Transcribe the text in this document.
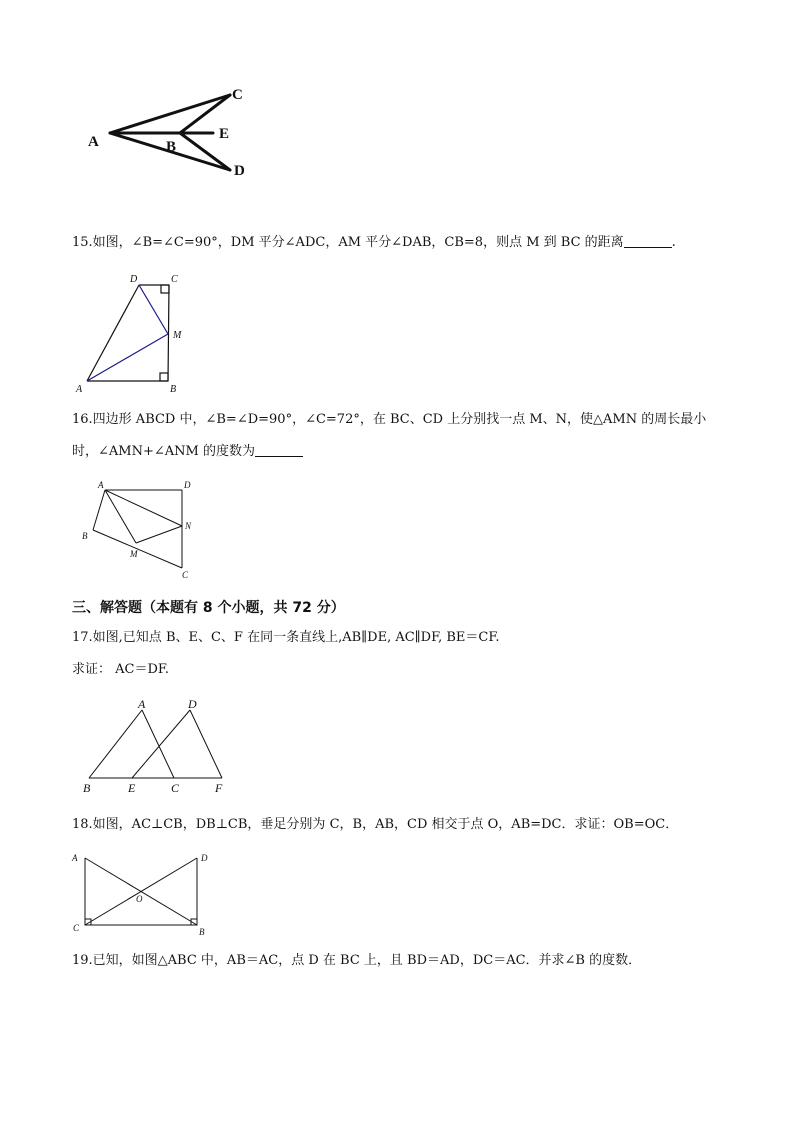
A	B
C
E
D
15.如图，∠B=∠C=90°，DM 平分∠ADC，AM 平分∠DAB，CB=8，则点 M 到 BC 的距离	.
D	C
M
A	B
16.四边形 ABCD 中，∠B=∠D=90°，∠C=72°，在 BC、CD 上分别找一点 M、N，使△AMN 的周长最小
时，∠AMN+∠ANM 的度数为
A	D
N
B
M
C
三、解答题（本题有 8 个小题，共 72 分）
17.如图,已知点 B、E、C、F 在同一条直线上,AB∥DE, AC∥DF, BE＝CF.
求证： AC＝DF.
A	D
B	E	C	F
18.如图，AC⊥CB，DB⊥CB，垂足分别为 C，B，AB，CD 相交于点 O，AB=DC．求证：OB=OC．
A	D
O
C	B
19.已知，如图△ABC 中，AB＝AC，点 D 在 BC 上，且 BD＝AD，DC＝AC．并求∠B 的度数．
